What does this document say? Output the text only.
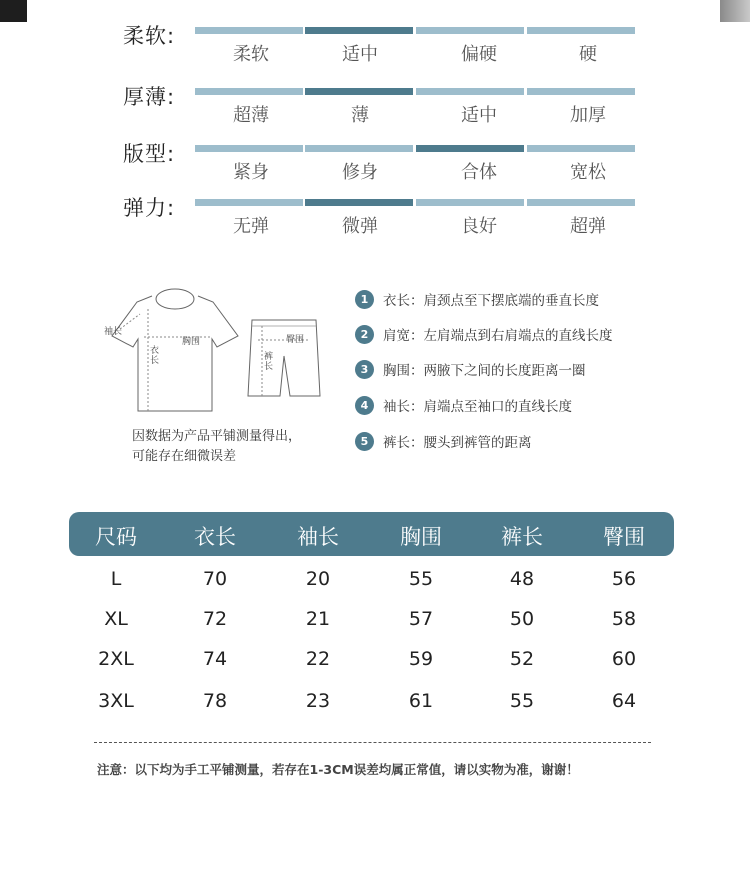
柔软:
柔软	适中	偏硬	硬
厚薄:
超薄	薄	适中	加厚
版型:
紧身	修身	合体	宽松
弹力:
无弹	微弹	良好	超弹
袖长
胸围
衣长
臀围
裤长
因数据为产品平铺测量得出，
可能存在细微误差
1 衣长：肩颈点至下摆底端的垂直长度
2 肩宽：左肩端点到右肩端点的直线长度
3 胸围：两腋下之间的长度距离一圈
4 袖长：肩端点至袖口的直线长度
5 裤长：腰头到裤管的距离
尺码	衣长	袖长	胸围	裤长	臀围
L	70	20	55	48	56
XL	72	21	57	50	58
2XL	74	22	59	52	60
3XL	78	23	61	55	64
注意：以下均为手工平铺测量，若存在1-3CM误差均属正常值，请以实物为准，谢谢！
